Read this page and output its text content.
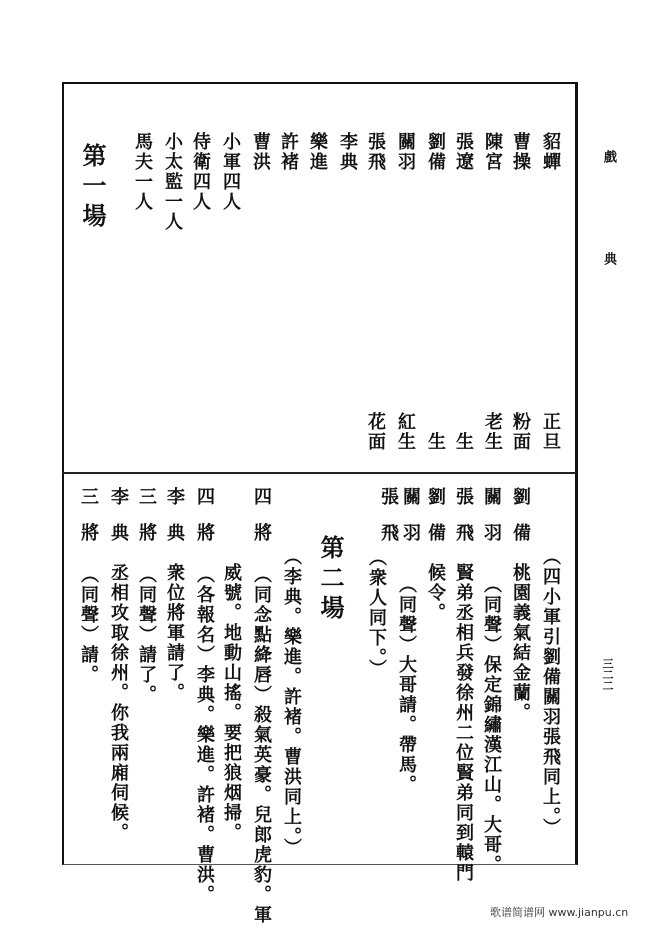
戲
典
三二二
貂蟬
曹操
陳宮
張遼
劉備
關羽
張飛
李典
樂進
許褚
曹洪
小軍四人
侍衛四人
小太監一人
馬夫一人
正旦
粉面
老生
生
生
紅生
花面
第一場
（四小軍引劉備關羽張飛同上。）
劉
備
桃園義氣結金蘭。
關
羽
（同聲）保定錦繡漢江山。大哥。
張
飛
賢弟丞相兵發徐州二位賢弟同到轅門
劉
備
候令。
關
羽
（同聲）大哥請。帶馬。
張
飛
（衆人同下。）
（李典。樂進。許褚。曹洪同上。）
四
將
（同念點絳唇）殺氣英豪。兒郎虎豹。軍
威號。地動山搖。要把狼烟掃。
四
將
（各報名）李典。樂進。許褚。曹洪。
李
典
衆位將軍請了。
三
將
（同聲）請了。
李
典
丞相攻取徐州。你我兩廂伺候。
三
將
（同聲）請。	第二場
歌谱简谱网 www.jianpu.cn
